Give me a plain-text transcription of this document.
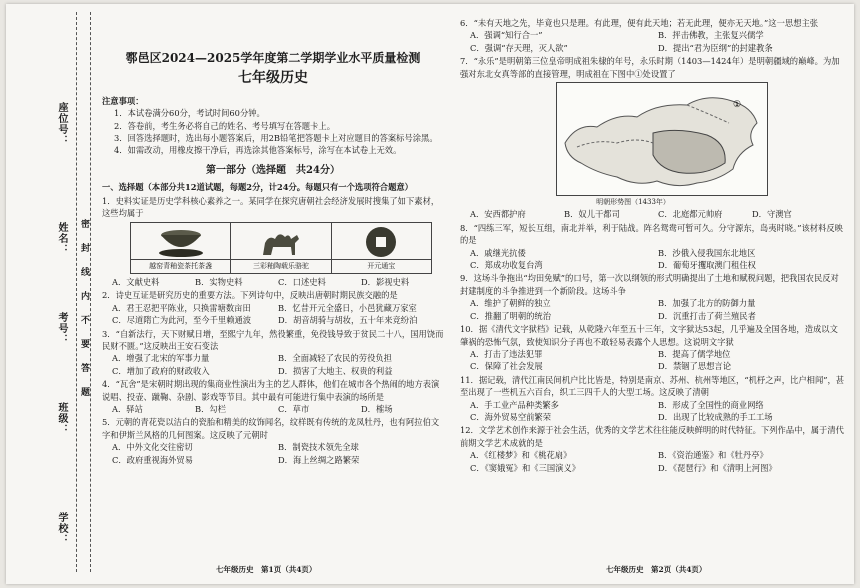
座位号：
姓名：
考号：
班级：
学校：
密封线内不要答题
鄠邑区2024—2025学年度第二学期学业水平质量检测
七年级历史

注意事项：

1．本试卷满分60分，考试时间60分钟。

2．答卷前，考生务必将自己的姓名、考号填写在答题卡上。

3．回答选择题时，选出每小题答案后，用2B铅笔把答题卡上对应题目的答案标号涂黑。

4．如需改动，用橡皮擦干净后，再选涂其他答案标号，涂写在本试卷上无效。

第一部分（选择题　共24分）

一、选择题（本部分共12道试题，每题2分，计24分。每题只有一个选项符合题意）

1．史料实证是历史学科核心素养之一。某同学在探究唐朝社会经济发展时搜集了如下素材，这些均属于

越窑青釉瓷茶托茶盏	三彩釉陶载乐骆驼	开元通宝
A．文献史料	B．实物史料	C．口述史料	D．影视史料

2．诗史互证是研究历史的重要方法。下列诗句中，反映出唐朝时期民族交融的是

A．君王忍把平陈业，只换雷塘数亩田	B．忆昔开元全盛日，小邑犹藏万家室
C．尽道隋亡为此河，至今千里赖通波	D．胡音胡骑与胡妆，五十年来竞纷泊

3．“自新法行，天下财赋日增，至熙宁九年，然役繁重，免役钱导致于贫民二十八，国用饶而民财不匮。”这反映出王安石变法

A．增强了北宋的军事力量	B．全面减轻了农民的劳役负担
C．增加了政府的财政收入	D．损害了大地主、权贵的利益

4．“瓦舍”是宋朝时期出现的集商业性演出为主的艺人群体，他们在城市各个热闹的地方表演说唱、投壶、蹴鞠、杂剧、影戏等节目。其中最有可能进行集中表演的场所是

A．驿站	B．勾栏	C．草市	D．榷场

5．元朝的青花瓷以洁白的瓷胎和精美的纹饰闻名，纹样既有传统的龙凤牡丹，也有阿拉伯文字和伊斯兰风格的几何图案。这反映了元朝时

A．中外文化交往密切	B．制瓷技术领先全球
C．政府重视海外贸易	D．海上丝绸之路繁荣

6．“未有天地之先，毕竟也只是理。有此理，便有此天地；若无此理，便亦无天地。”这一思想主张

A．强调“知行合一”	B．抨击佛教，主张复兴儒学
C．强调“存天理，灭人欲”	D．提出“君为臣纲”的封建教条

7．“永乐”是明朝第三位皇帝明成祖朱棣的年号，永乐时期（1403—1424年）是明朝疆域的巅峰。为加强对东北女真等部的直接管理，明成祖在下图中①处设置了

①
明朝形势图（1433年）
A．安西都护府	B．奴儿干都司	C．北庭都元帅府	D．守澳官

8．“四练三军，短长互组，南北并举，利于陆战。阵名鸳鸯可暂可久。分守源东，岛夷时晓。”该材料反映的是

A．戚继光抗倭	B．沙俄入侵我国东北地区
C．郑成功收复台湾	D．葡萄牙攫取澳门租住权

9．这场斗争拖出“均田免赋”的口号，第一次以纲领的形式明确提出了土地和赋税问题，把我国农民反对封建制度的斗争推进到一个新阶段。这场斗争

A．维护了朝鲜的独立	B．加强了北方的防御力量
C．推翻了明朝的统治	D．沉重打击了荷兰殖民者

10．据《清代文字狱档》记载，从乾隆六年至五十三年，文字狱达53起，几乎遍及全国各地，造成以文肇祸的恐怖气氛，致使知识分子再也不敢轻易表露个人思想。这说明文字狱

A．打击了违法犯罪	B．提高了儒学地位
C．保障了社会发展	D．禁锢了思想言论

11．据记载，清代江南民间机户比比皆是，特别是南京、苏州、杭州等地区，“机杼之声，比户相闻”，甚至出现了一些机五六百台，织工三四千人的大型工场。这反映了清朝

A．手工业产品种类繁多	B．形成了全国性的商业网络
C．海外贸易空前繁荣	D．出现了比较成熟的手工工场

12．文学艺术创作来源于社会生活，优秀的文学艺术往往能反映鲜明的时代特征。下列作品中，属于清代前期文学艺术成就的是

A．《红楼梦》和《桃花扇》	B．《资治通鉴》和《牡丹亭》
C．《窦娥冤》和《三国演义》	D．《琵琶行》和《清明上河图》
七年级历史　第1页（共4页）	七年级历史　第2页（共4页）
